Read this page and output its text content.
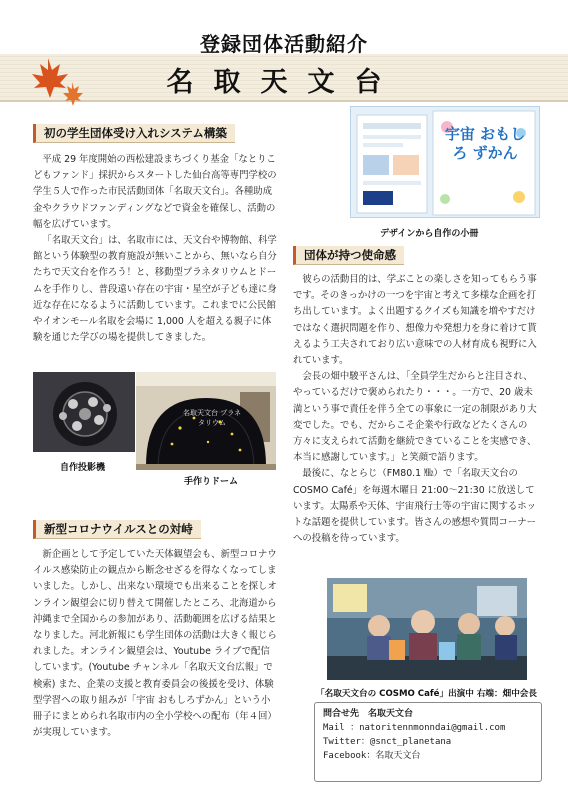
登録団体活動紹介
名取天文台
初の学生団体受け入れシステム構築

平成 29 年度開始の西松建設まちづくり基金「なとりこどもファンド」採択からスタートした仙台高等専門学校の学生５人で作った市民活動団体「名取天文台」。各種助成金やクラウドファンディングなどで資金を確保し、活動の幅を広げています。

「名取天文台」は、名取市には、天文台や博物館、科学館という体験型の教育施設が無いことから、無いなら自分たちで天文台を作ろう！と、移動型プラネタリウムとドームを手作りし、普段遠い存在の宇宙・星空が子ども達に身近な存在になるように活動しています。これまでに公民館やイオンモール名取を会場に 1,000 人を超える親子に体験を通じた学びの場を提供してきました。

自作投影機
名取天文台 プラネタリウム
手作りドーム
新型コロナウイルスとの対峙

新企画として予定していた天体観望会も、新型コロナウイルス感染防止の観点から断念せざるを得なくなってしまいました。しかし、出来ない環境でも出来ることを探しオンライン観望会に切り替えて開催したところ、北海道から沖縄まで全国からの参加があり、活動範囲を広げる結果となりました。河北新報にも学生団体の活動は大きく報じられました。オンライン観望会は、Youtube ライブで配信しています。(Youtube チャンネル「名取天文台広報」で検索) また、企業の支援と教育委員会の後援を受け、体験型学習への取り組みが「宇宙 おもしろずかん」という小冊子にまとめられ名取市内の全小学校への配布（年４回）が実現しています。

宇宙 おもしろ ずかん
デザインから自作の小冊
団体が持つ使命感

彼らの活動目的は、学ぶことの楽しさを知ってもらう事です。そのきっかけの一つを宇宙と考えて多様な企画を打ち出しています。よく出題するクイズも知識を増やすだけではなく選択問題を作り、想像力や発想力を身に着けて貰えるよう工夫されており広い意味での人材育成も視野に入れています。

会長の畑中駿平さんは、「全員学生だからと注目され、やっているだけで褒められたり・・・。一方で、20 歳未満という事で責任を伴う全ての事象に一定の制限があり大変でした。でも、だからこそ企業や行政などたくさんの方々に支えられて活動を継続できていることを実感でき、本当に感謝しています。」と笑顔で語ります。

最後に、なとらじ（FM80.1 ㎒）で「名取天文台の COSMO Café」を毎週木曜日 21:00～21:30 に放送しています。太陽系や天体、宇宙飛行士等の宇宙に関するホットな話題を提供しています。皆さんの感想や質問コーナーへの投稿を待っています。

「名取天文台の COSMO Café」出演中 右端：畑中会長
問合せ先　名取天文台
Mail ：natoritennmonndai@gmail.com
Twitter：@snct_planetana
Facebook：名取天文台
